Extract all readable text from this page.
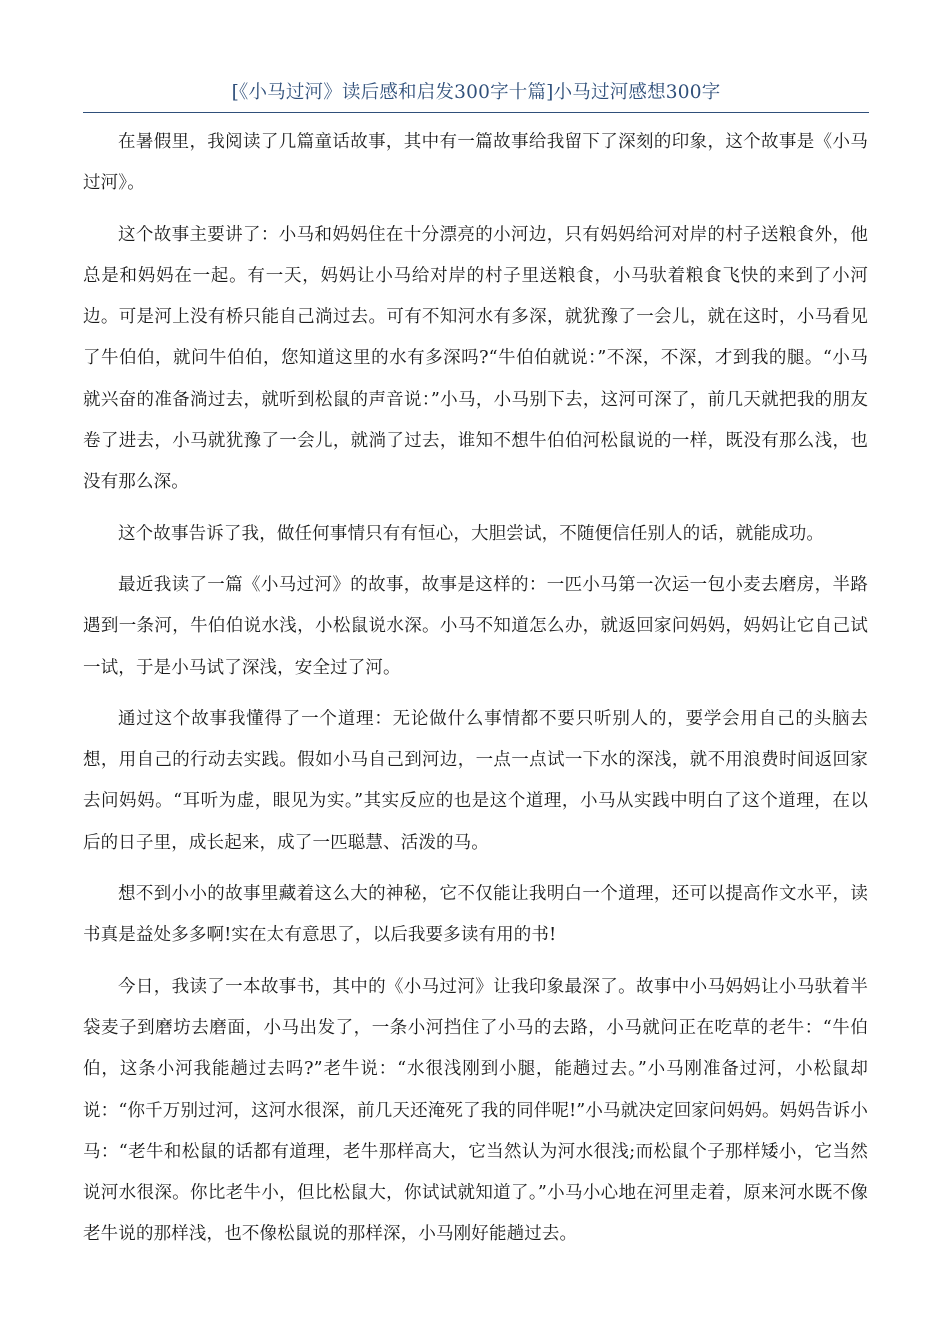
[《小马过河》读后感和启发300字十篇]小马过河感想300字

在暑假里，我阅读了几篇童话故事，其中有一篇故事给我留下了深刻的印象，这个故事是《小马过河》。

这个故事主要讲了：小马和妈妈住在十分漂亮的小河边，只有妈妈给河对岸的村子送粮食外，他总是和妈妈在一起。有一天，妈妈让小马给对岸的村子里送粮食，小马驮着粮食飞快的来到了小河边。可是河上没有桥只能自己淌过去。可有不知河水有多深，就犹豫了一会儿，就在这时，小马看见了牛伯伯，就问牛伯伯，您知道这里的水有多深吗?“牛伯伯就说：”不深，不深，才到我的腿。“小马就兴奋的准备淌过去，就听到松鼠的声音说：”小马，小马别下去，这河可深了，前几天就把我的朋友卷了进去，小马就犹豫了一会儿，就淌了过去，谁知不想牛伯伯河松鼠说的一样，既没有那么浅，也没有那么深。

这个故事告诉了我，做任何事情只有有恒心，大胆尝试，不随便信任别人的话，就能成功。

最近我读了一篇《小马过河》的故事，故事是这样的：一匹小马第一次运一包小麦去磨房，半路遇到一条河，牛伯伯说水浅，小松鼠说水深。小马不知道怎么办，就返回家问妈妈，妈妈让它自己试一试，于是小马试了深浅，安全过了河。

通过这个故事我懂得了一个道理：无论做什么事情都不要只听别人的，要学会用自己的头脑去想，用自己的行动去实践。假如小马自己到河边，一点一点试一下水的深浅，就不用浪费时间返回家去问妈妈。“耳听为虚，眼见为实。”其实反应的也是这个道理，小马从实践中明白了这个道理，在以后的日子里，成长起来，成了一匹聪慧、活泼的马。

想不到小小的故事里藏着这么大的神秘，它不仅能让我明白一个道理，还可以提高作文水平，读书真是益处多多啊!实在太有意思了，以后我要多读有用的书!

今日，我读了一本故事书，其中的《小马过河》让我印象最深了。故事中小马妈妈让小马驮着半袋麦子到磨坊去磨面，小马出发了，一条小河挡住了小马的去路，小马就问正在吃草的老牛：“牛伯伯，这条小河我能趟过去吗?”老牛说：“水很浅刚到小腿，能趟过去。”小马刚准备过河，小松鼠却说：“你千万别过河，这河水很深，前几天还淹死了我的同伴呢!”小马就决定回家问妈妈。妈妈告诉小马：“老牛和松鼠的话都有道理，老牛那样高大，它当然认为河水很浅;而松鼠个子那样矮小，它当然说河水很深。你比老牛小，但比松鼠大，你试试就知道了。”小马小心地在河里走着，原来河水既不像老牛说的那样浅，也不像松鼠说的那样深，小马刚好能趟过去。
